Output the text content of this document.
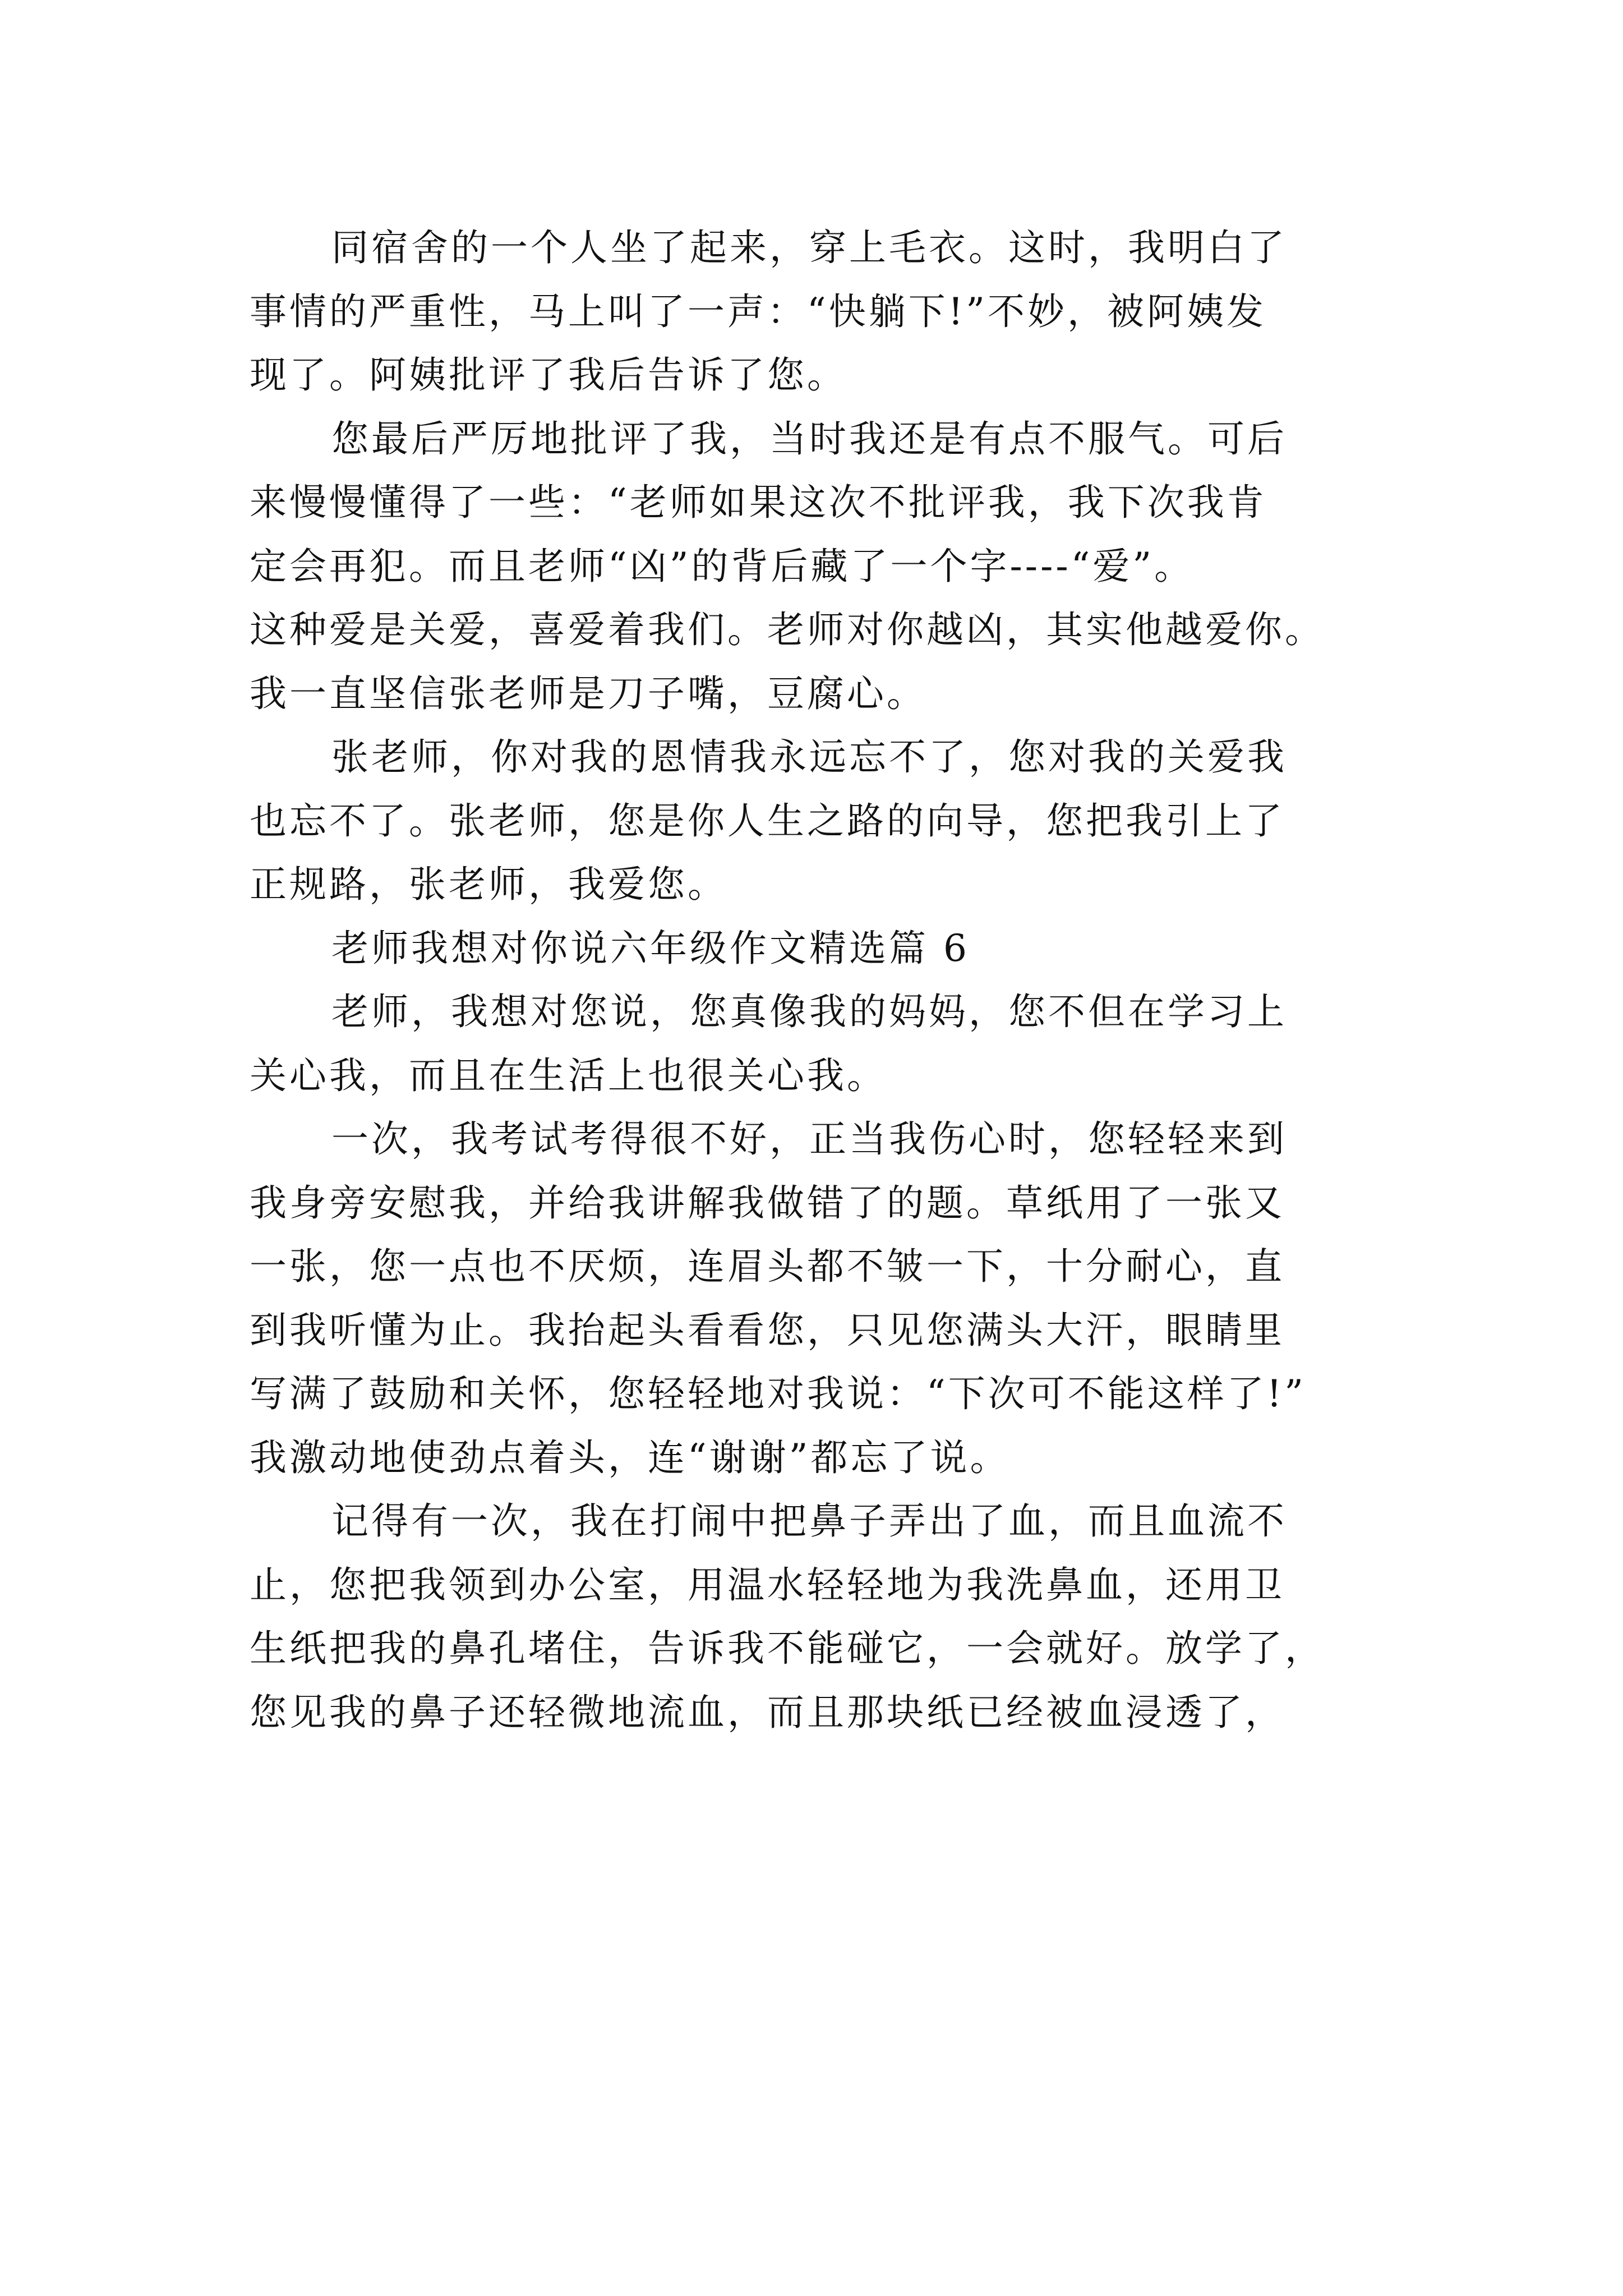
同宿舍的一个人坐了起来，穿上毛衣。这时，我明白了
事情的严重性，马上叫了一声：“快躺下!”不妙，被阿姨发
现了。阿姨批评了我后告诉了您。
您最后严厉地批评了我，当时我还是有点不服气。可后
来慢慢懂得了一些：“老师如果这次不批评我，我下次我肯
定会再犯。而且老师“凶”的背后藏了一个字----“爱”。
这种爱是关爱，喜爱着我们。老师对你越凶，其实他越爱你。
我一直坚信张老师是刀子嘴，豆腐心。
张老师，你对我的恩情我永远忘不了，您对我的关爱我
也忘不了。张老师，您是你人生之路的向导，您把我引上了
正规路，张老师，我爱您。
老师我想对你说六年级作文精选篇 6
老师，我想对您说，您真像我的妈妈，您不但在学习上
关心我，而且在生活上也很关心我。
一次，我考试考得很不好，正当我伤心时，您轻轻来到
我身旁安慰我，并给我讲解我做错了的题。草纸用了一张又
一张，您一点也不厌烦，连眉头都不皱一下，十分耐心，直
到我听懂为止。我抬起头看看您，只见您满头大汗，眼睛里
写满了鼓励和关怀，您轻轻地对我说：“下次可不能这样了!”
我激动地使劲点着头，连“谢谢”都忘了说。
记得有一次，我在打闹中把鼻子弄出了血，而且血流不
止，您把我领到办公室，用温水轻轻地为我洗鼻血，还用卫
生纸把我的鼻孔堵住，告诉我不能碰它，一会就好。放学了，
您见我的鼻子还轻微地流血，而且那块纸已经被血浸透了，
